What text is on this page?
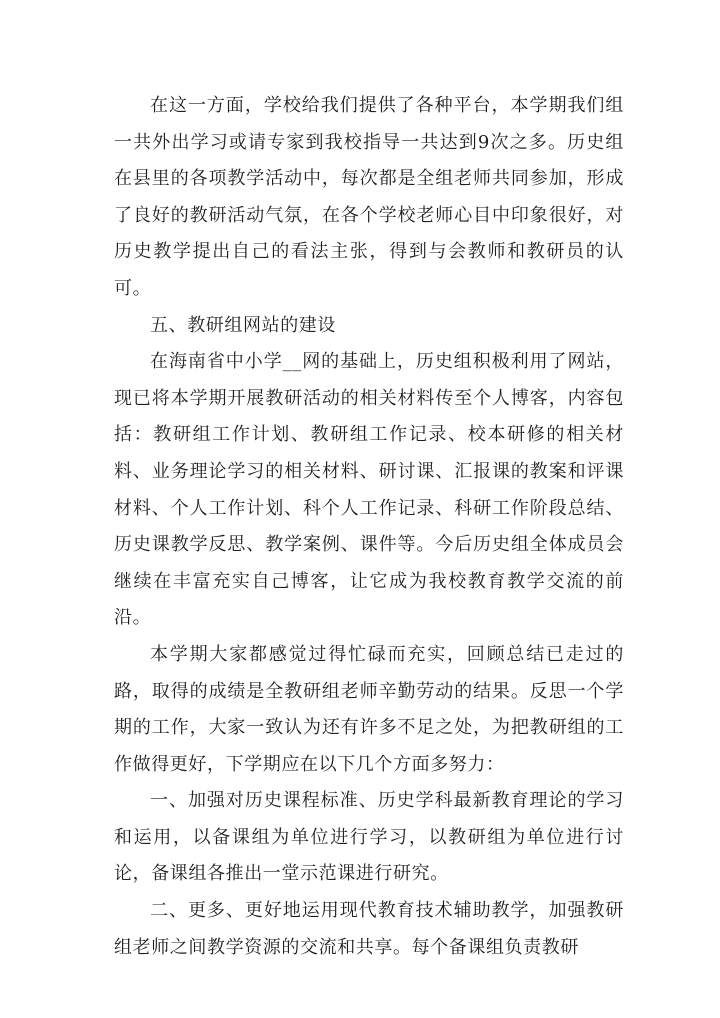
在这一方面，学校给我们提供了各种平台，本学期我们组一共外出学习或请专家到我校指导一共达到9次之多。历史组在县里的各项教学活动中，每次都是全组老师共同参加，形成了良好的教研活动气氛，在各个学校老师心目中印象很好，对历史教学提出自己的看法主张，得到与会教师和教研员的认可。

五、教研组网站的建设

在海南省中小学__网的基础上，历史组积极利用了网站，现已将本学期开展教研活动的相关材料传至个人博客，内容包括：教研组工作计划、教研组工作记录、校本研修的相关材料、业务理论学习的相关材料、研讨课、汇报课的教案和评课材料、个人工作计划、科个人工作记录、科研工作阶段总结、历史课教学反思、教学案例、课件等。今后历史组全体成员会继续在丰富充实自己博客，让它成为我校教育教学交流的前沿。

本学期大家都感觉过得忙碌而充实，回顾总结已走过的路，取得的成绩是全教研组老师辛勤劳动的结果。反思一个学期的工作，大家一致认为还有许多不足之处，为把教研组的工作做得更好，下学期应在以下几个方面多努力：

一、加强对历史课程标准、历史学科最新教育理论的学习和运用，以备课组为单位进行学习，以教研组为单位进行讨论，备课组各推出一堂示范课进行研究。

二、更多、更好地运用现代教育技术辅助教学，加强教研组老师之间教学资源的交流和共享。每个备课组负责教研
